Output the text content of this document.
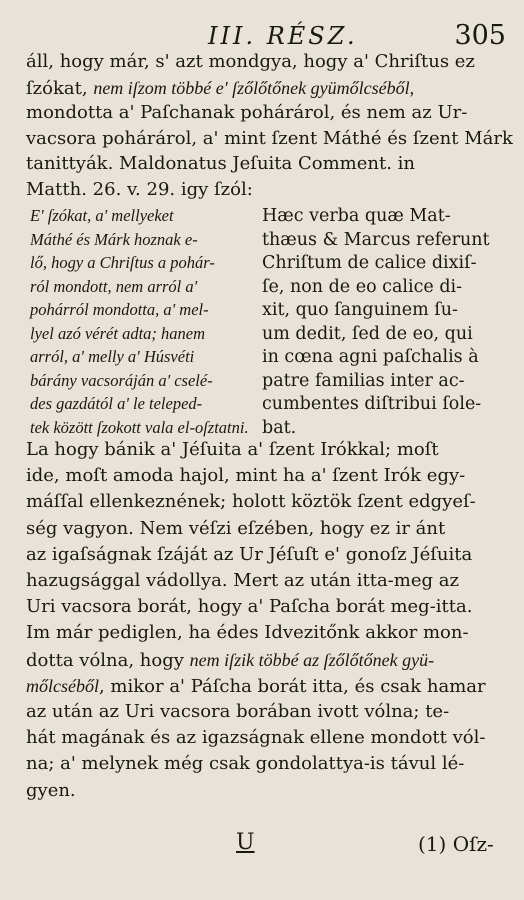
III. RÉSZ.	305
áll, hogy már, s' azt mondgya, hogy a' Chriſtus ez
ſzókat, nem iſzom többé e' ſzőlőtőnek gyümőlcséből,
mondotta a' Paſchanak pohárárol, és nem az Ur-
vacsora pohárárol, a' mint ſzent Máthé és ſzent Márk
tanittyák. Maldonatus Jeſuita Comment. in
Matth. 26. v. 29. igy ſzól:
E' ſzókat, a' mellyeket
Máthé és Márk hoznak e-
lő, hogy a Chriſtus a pohár-
ról mondott, nem arról a'
pohárról mondotta, a' mel-
lyel azó vérét adta; hanem
arról, a' melly a' Húsvéti
bárány vacsoráján a' cselé-
des gazdától a' le teleped-
tek között ſzokott vala el-oſztatni.
Hæc verba quæ Mat-
thæus & Marcus referunt
Chriſtum de calice dixiſ-
ſe, non de eo calice di-
xit, quo ſanguinem ſu-
um dedit, ſed de eo, qui
in cœna agni paſchalis à
patre familias inter ac-
cumbentes diſtribui ſole-
bat.
La hogy bánik a' Jéſuita a' ſzent Irókkal; moſt
ide, moſt amoda hajol, mint ha a' ſzent Irók egy-
máſſal ellenkeznének; holott köztök ſzent edgyeſ-
ség vagyon. Nem véſzi eſzében, hogy ez ir ánt
az igaſságnak ſzáját az Ur Jéſuſt e' gonoſz Jéſuita
hazugsággal vádollya. Mert az után itta-meg az
Uri vacsora borát, hogy a' Paſcha borát meg-itta.
Im már pediglen, ha édes Idvezitőnk akkor mon-
dotta vólna, hogy nem iſzik többé az ſzőlőtőnek gyü-
mőlcséből, mikor a' Páſcha borát itta, és csak hamar
az után az Uri vacsora borában ivott vólna; te-
hát magának és az igazságnak ellene mondott vól-
na; a' melynek még csak gondolattya-is távul lé-
gyen.
U	(1) Oſz-
